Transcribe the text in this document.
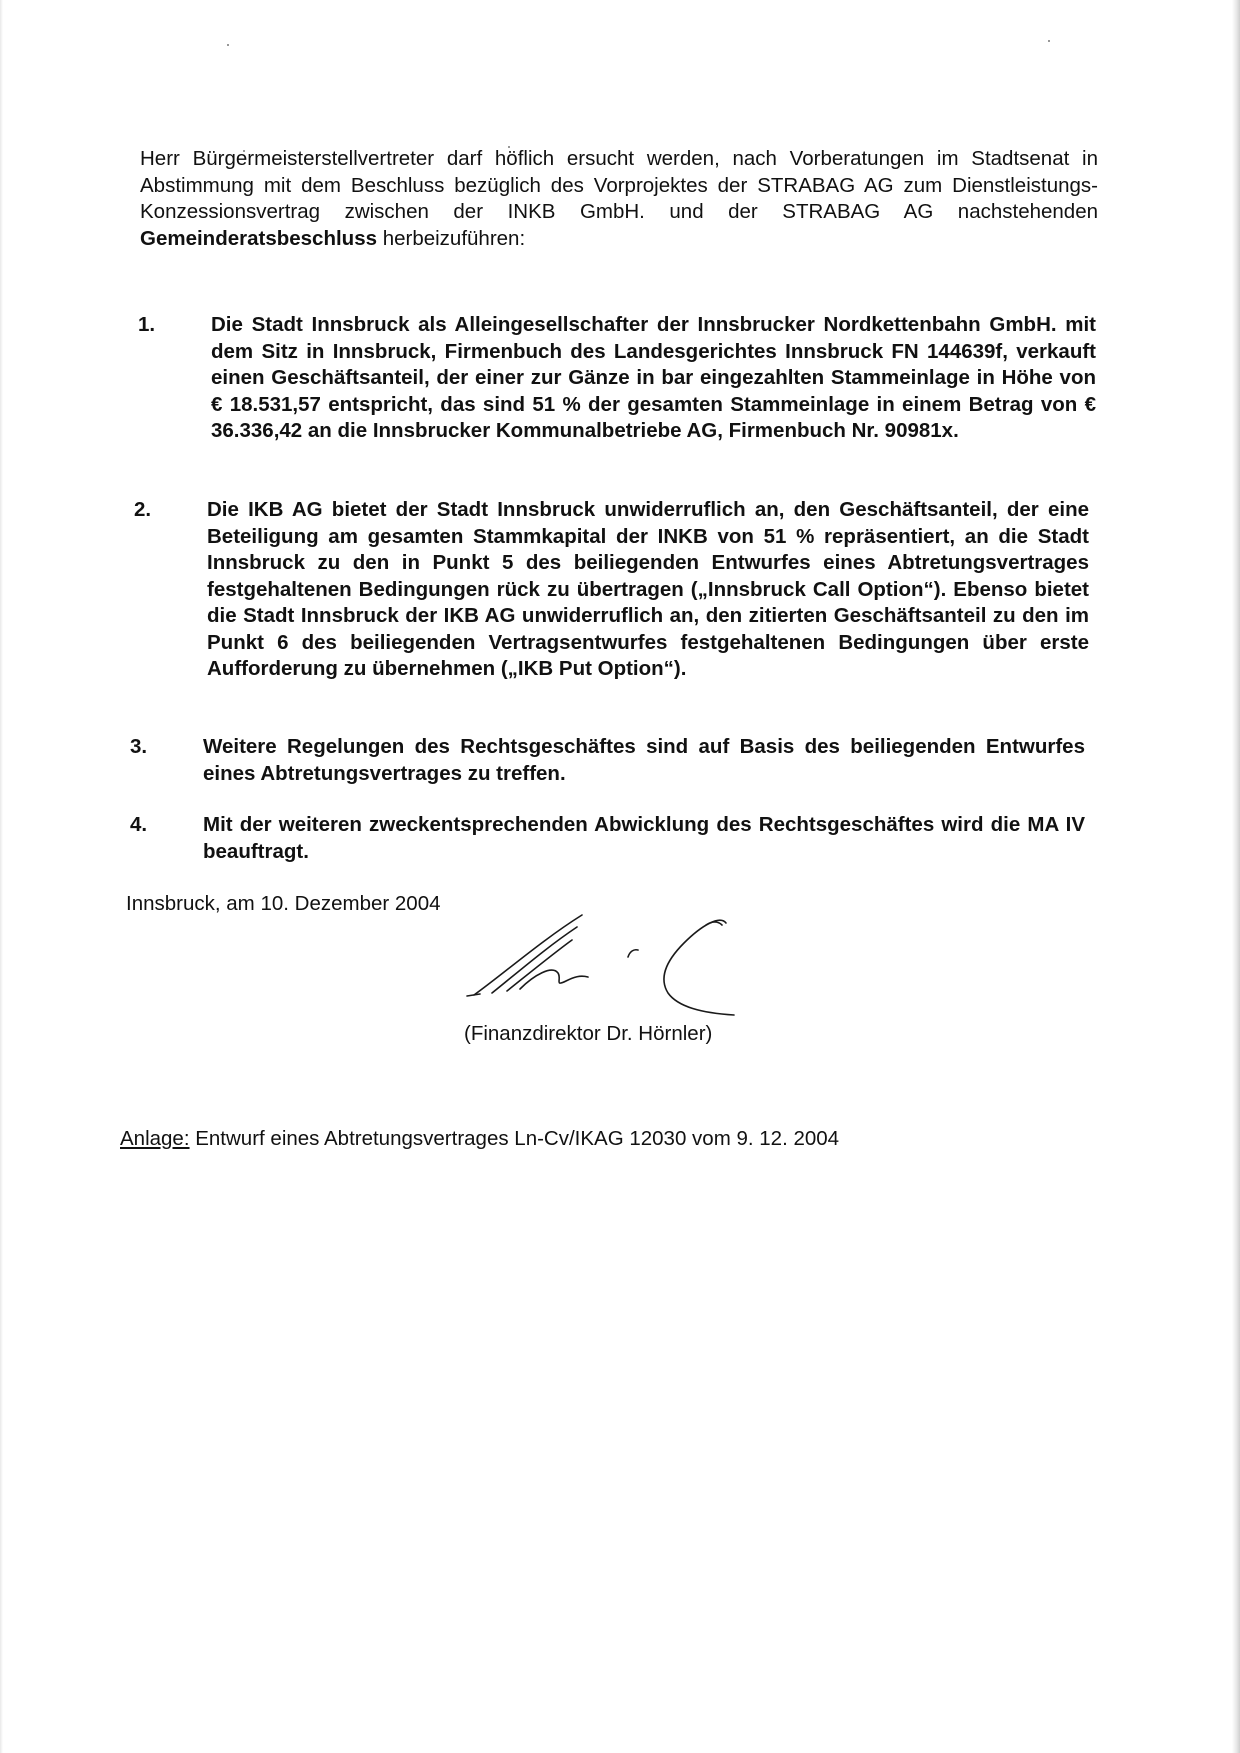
Herr Bürgermeisterstellvertreter darf höflich ersucht werden, nach Vorberatungen im Stadtsenat in Abstimmung mit dem Beschluss bezüglich des Vorprojektes der STRABAG AG zum Dienstleistungs-Konzessionsvertrag zwischen der INKB GmbH. und der STRABAG AG nachstehenden Gemeinderatsbeschluss herbeizuführen:

1.	Die Stadt Innsbruck als Alleingesellschafter der Innsbrucker Nordkettenbahn GmbH. mit dem Sitz in Innsbruck, Firmenbuch des Landesgerichtes Innsbruck FN 144639f, verkauft einen Geschäftsanteil, der einer zur Gänze in bar eingezahlten Stammeinlage in Höhe von € 18.531,57 entspricht, das sind 51 % der gesamten Stammeinlage in einem Betrag von € 36.336,42 an die Innsbrucker Kommunalbetriebe AG, Firmenbuch Nr. 90981x.
2.	Die IKB AG bietet der Stadt Innsbruck unwiderruflich an, den Geschäftsanteil, der eine Beteiligung am gesamten Stammkapital der INKB von 51 % repräsentiert, an die Stadt Innsbruck zu den in Punkt 5 des beiliegenden Entwurfes eines Abtretungsvertrages festgehaltenen Bedingungen rück zu übertragen („Innsbruck Call Option“). Ebenso bietet die Stadt Innsbruck der IKB AG unwiderruflich an, den zitierten Geschäftsanteil zu den im Punkt 6 des beiliegenden Vertragsentwurfes festgehaltenen Bedingungen über erste Aufforderung zu übernehmen („IKB Put Option“).
3.	Weitere Regelungen des Rechtsgeschäftes sind auf Basis des beiliegenden Entwurfes eines Abtretungsvertrages zu treffen.
4.	Mit der weiteren zweckentsprechenden Abwicklung des Rechtsgeschäftes wird die MA IV beauftragt.
Innsbruck, am 10. Dezember 2004
(Finanzdirektor Dr. Hörnler)
Anlage: Entwurf eines Abtretungsvertrages Ln-Cv/IKAG 12030 vom 9. 12. 2004
